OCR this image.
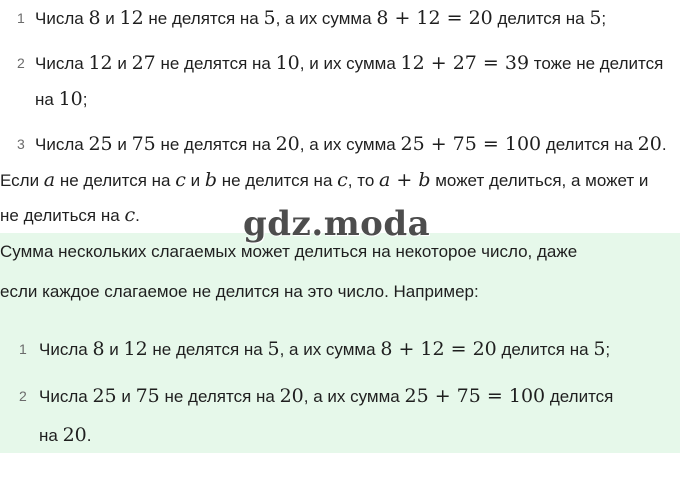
1 Числа 8 и 12 не делятся на 5, а их сумма 8 + 12 = 20 делится на 5;
2 Числа 12 и 27 не делятся на 10, и их сумма 12 + 27 = 39 тоже не делится
на 10;
3 Числа 25 и 75 не делятся на 20, а их сумма 25 + 75 = 100 делится на 20.
Если a не делится на c и b не делится на c, то a + b может делиться, а может и
не делиться на c.
Сумма нескольких слагаемых может делиться на некоторое число, даже
если каждое слагаемое не делится на это число. Например:
1 Числа 8 и 12 не делятся на 5, а их сумма 8 + 12 = 20 делится на 5;
2 Числа 25 и 75 не делятся на 20, а их сумма 25 + 75 = 100 делится
на 20.
gdz.moda
